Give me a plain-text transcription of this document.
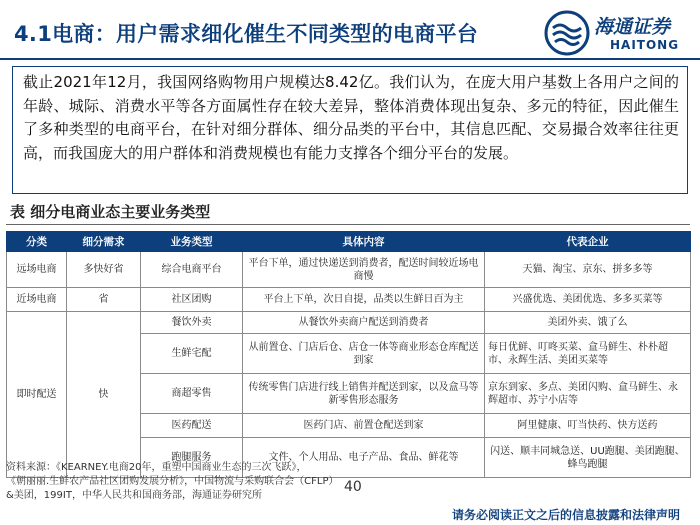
4.1电商：用户需求细化催生不同类型的电商平台	海通证券
HAITONG

截止2021年12月，我国网络购物用户规模达8.42亿。我们认为，在庞大用户基数上各用户之间的年龄、城际、消费水平等各方面属性存在较大差异，整体消费体现出复杂、多元的特征，因此催生了多种类型的电商平台，在针对细分群体、细分品类的平台中，其信息匹配、交易撮合效率往往更高，而我国庞大的用户群体和消费规模也有能力支撑各个细分平台的发展。

表 细分电商业态主要业务类型
分类	细分需求	业务类型	具体内容	代表企业
远场电商	多快好省	综合电商平台	平台下单，通过快递送到消费者，配送时间较近场电商慢	天猫、淘宝、京东、拼多多等
近场电商	省	社区团购	平台上下单，次日自提，品类以生鲜日百为主	兴盛优选、美团优选、多多买菜等
即时配送	快	餐饮外卖	从餐饮外卖商户配送到消费者	美团外卖、饿了么
		生鲜宅配	从前置仓、门店后仓、店仓一体等商业形态仓库配送到家	每日优鲜、叮咚买菜、盒马鲜生、朴朴超市、永辉生活、美团买菜等
		商超零售	传统零售门店进行线上销售并配送到家，以及盒马等新零售形态服务	京东到家、多点、美团闪购、盒马鲜生、永辉超市、苏宁小店等
		医药配送	医药门店、前置仓配送到家	阿里健康、叮当快药、快方送药
		跑腿服务	文件、个人用品、电子产品、食品、鲜花等	闪送、顺丰同城急送、UU跑腿、美团跑腿、蜂鸟跑腿
资料来源：《KEARNEY.电商20年，重塑中国商业生态的三次飞跃》，
《朝丽丽.生鲜农产品社区团购发展分析》，中国物流与采购联合会（CFLP）
&美团，199IT，中华人民共和国商务部，海通证券研究所
40
请务必阅读正文之后的信息披露和法律声明
